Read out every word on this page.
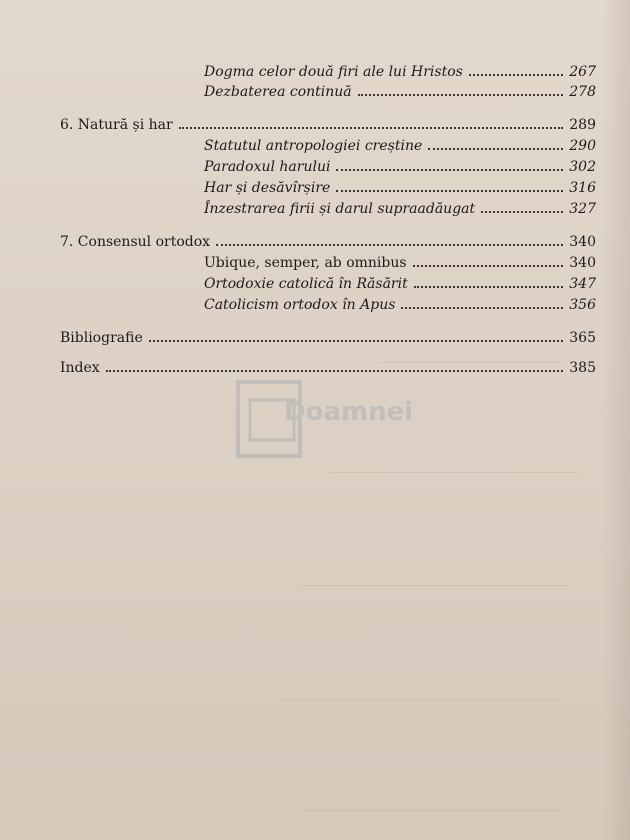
Doamnei
Dogma celor două firi ale lui Hristos	267
Dezbaterea continuă	278
6. Natură și har	289
Statutul antropologiei creștine	290
Paradoxul harului	302
Har și desăvîrșire	316
Înzestrarea firii și darul supraadăugat	327
7. Consensul ortodox	340
Ubique, semper, ab omnibus	340
Ortodoxie catolică în Răsărit	347
Catolicism ortodox în Apus	356
Bibliografie	365
Index	385
